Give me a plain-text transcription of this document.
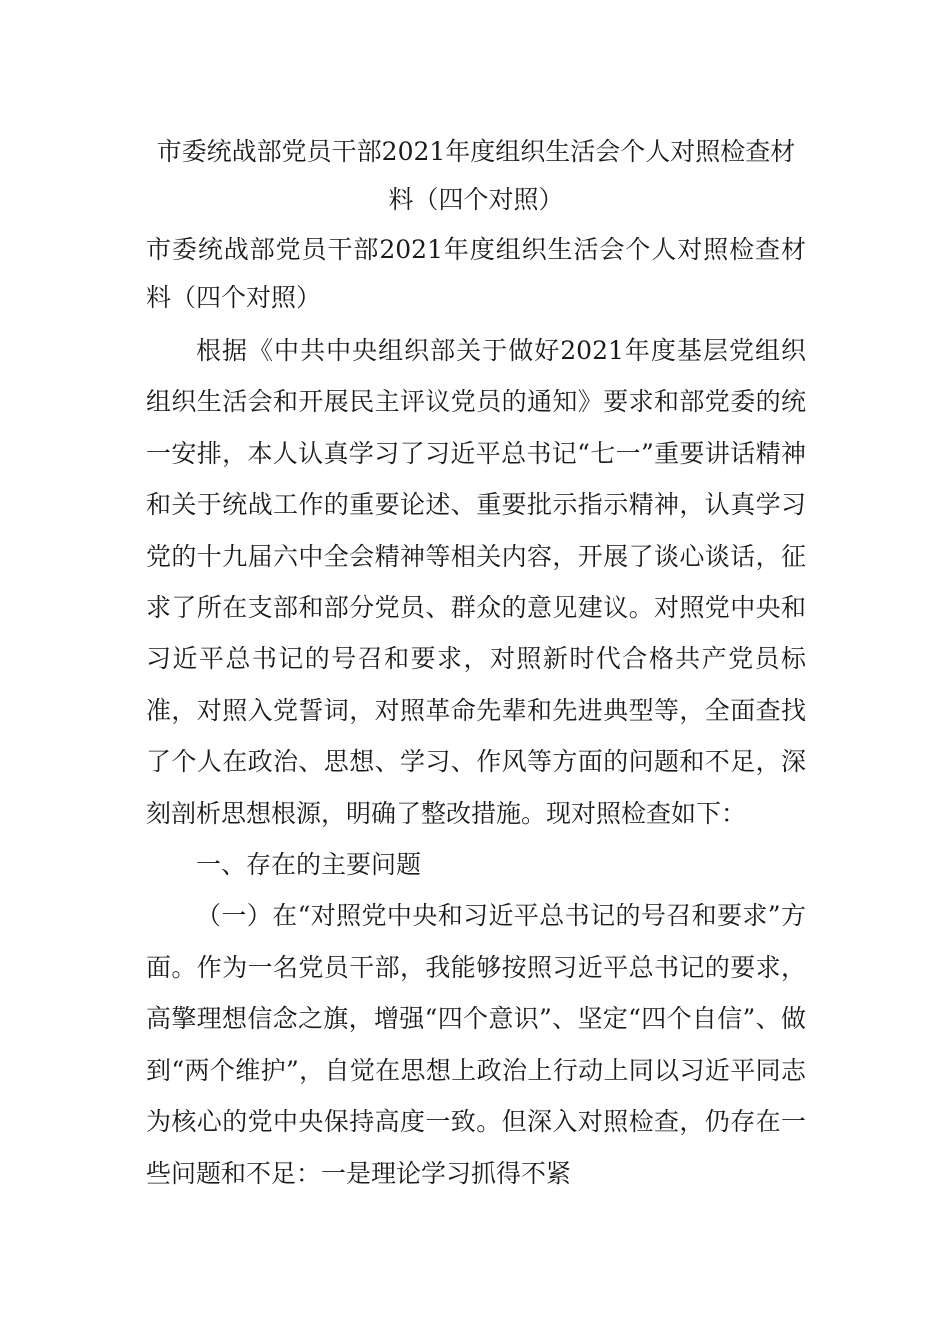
市委统战部党员干部2021年度组织生活会个人对照检查材料（四个对照）
市委统战部党员干部2021年度组织生活会个人对照检查材料（四个对照）

根据《中共中央组织部关于做好2021年度基层党组织组织生活会和开展民主评议党员的通知》要求和部党委的统一安排，本人认真学习了习近平总书记“七一”重要讲话精神和关于统战工作的重要论述、重要批示指示精神，认真学习党的十九届六中全会精神等相关内容，开展了谈心谈话，征求了所在支部和部分党员、群众的意见建议。对照党中央和习近平总书记的号召和要求，对照新时代合格共产党员标准，对照入党誓词，对照革命先辈和先进典型等，全面查找了个人在政治、思想、学习、作风等方面的问题和不足，深刻剖析思想根源，明确了整改措施。现对照检查如下：

一、存在的主要问题

（一）在“对照党中央和习近平总书记的号召和要求”方面。作为一名党员干部，我能够按照习近平总书记的要求，高擎理想信念之旗，增强“四个意识”、坚定“四个自信”、做到“两个维护”，自觉在思想上政治上行动上同以习近平同志为核心的党中央保持高度一致。但深入对照检查，仍存在一些问题和不足：一是理论学习抓得不紧
